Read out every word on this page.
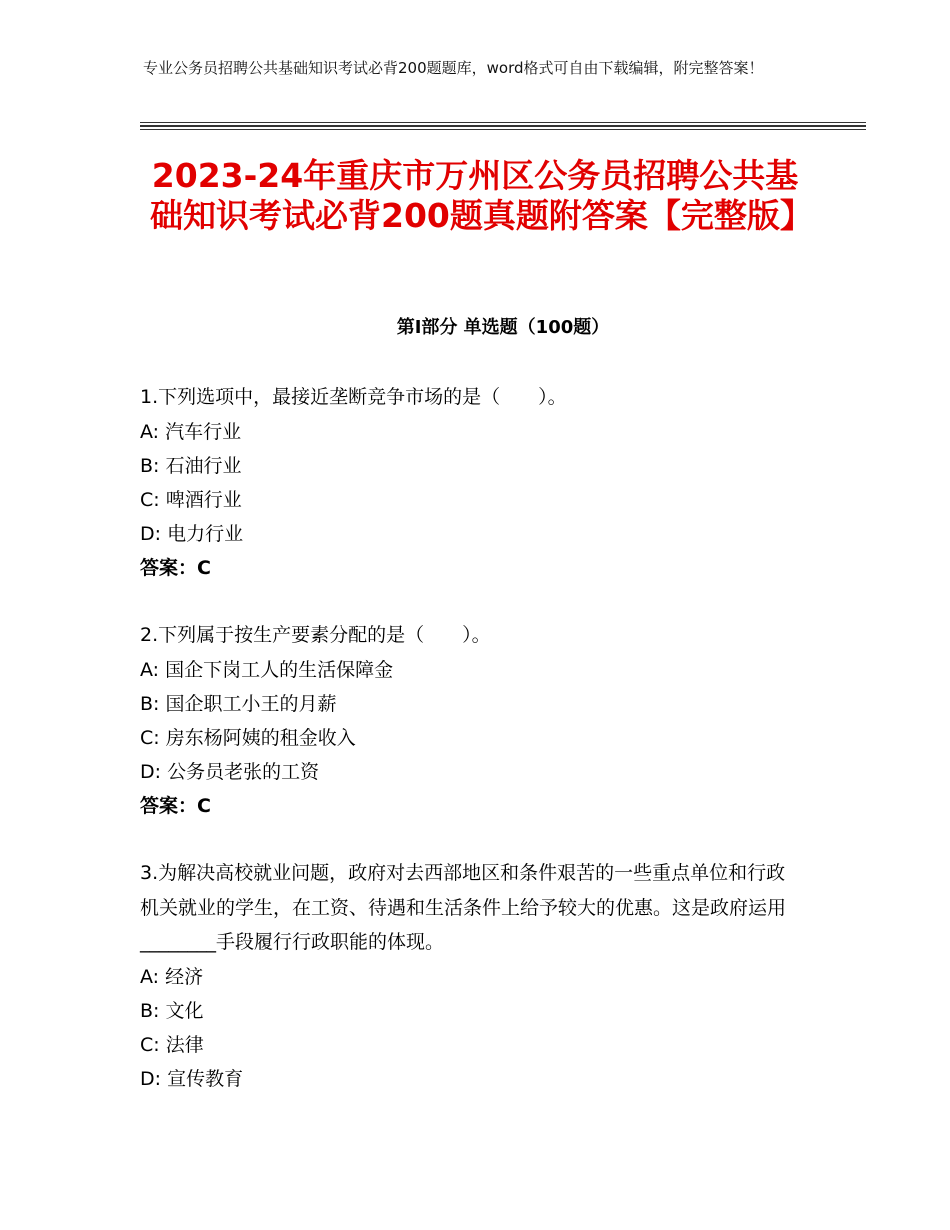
专业公务员招聘公共基础知识考试必背200题题库，word格式可自由下载编辑，附完整答案！
2023-24年重庆市万州区公务员招聘公共基础知识考试必背200题真题附答案【完整版】
第Ⅰ部分 单选题（100题）

1.下列选项中，最接近垄断竞争市场的是（　　）。

A: 汽车行业
B: 石油行业
C: 啤酒行业
D: 电力行业
答案：C

2.下列属于按生产要素分配的是（　　）。

A: 国企下岗工人的生活保障金
B: 国企职工小王的月薪
C: 房东杨阿姨的租金收入
D: 公务员老张的工资
答案：C

3.为解决高校就业问题，政府对去西部地区和条件艰苦的一些重点单位和行政机关就业的学生，在工资、待遇和生活条件上给予较大的优惠。这是政府运用________手段履行行政职能的体现。

A: 经济
B: 文化
C: 法律
D: 宣传教育
